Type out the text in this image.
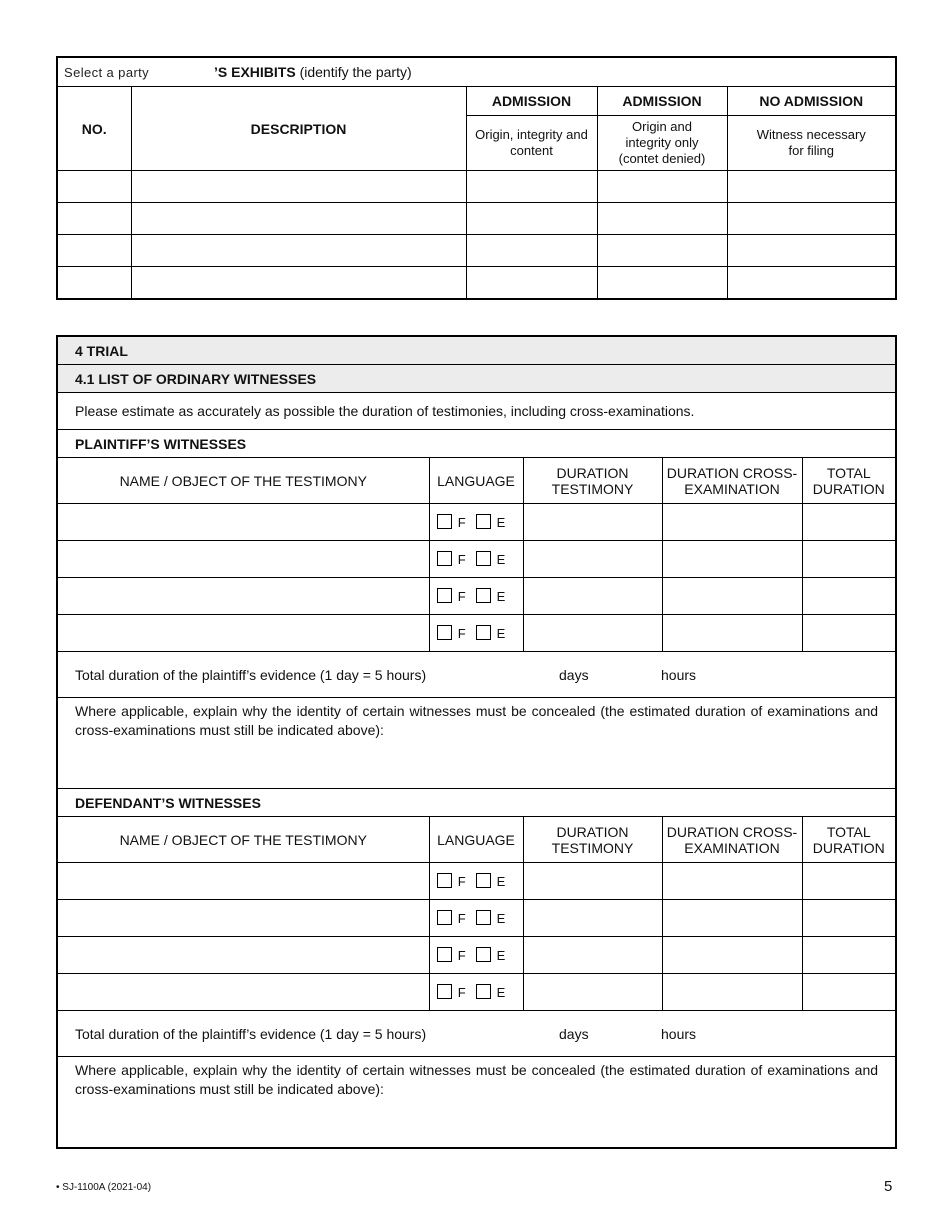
Select a party ’S EXHIBITS (identify the party)				
NO.	DESCRIPTION	ADMISSION	ADMISSION	NO ADMISSION

		Origin, integrity and content	Origin and integrity only (contet denied)	Witness necessary for filing

4 TRIAL				
4.1 LIST OF ORDINARY WITNESSES				
Please estimate as accurately as possible the duration of testimonies, including cross-examinations.				
PLAINTIFF’S WITNESSES				
NAME / OBJECT OF THE TESTIMONY	LANGUAGE	DURATION TESTIMONY	DURATION CROSS-EXAMINATION	TOTAL DURATION

	F E			
	F E			
	F E			
	F E			
Total duration of the plaintiff’s evidence (1 day = 5 hours) days hours				
Where applicable, explain why the identity of certain witnesses must be concealed (the estimated duration of examinations and cross-examinations must still be indicated above):				
DEFENDANT’S WITNESSES				
NAME / OBJECT OF THE TESTIMONY	LANGUAGE	DURATION TESTIMONY	DURATION CROSS-EXAMINATION	TOTAL DURATION

	F E			
	F E			
	F E			
	F E			
Total duration of the plaintiff’s evidence (1 day = 5 hours) days hours				
Where applicable, explain why the identity of certain witnesses must be concealed (the estimated duration of examinations and cross-examinations must still be indicated above):				
• SJ-1100A (2021-04)	5
